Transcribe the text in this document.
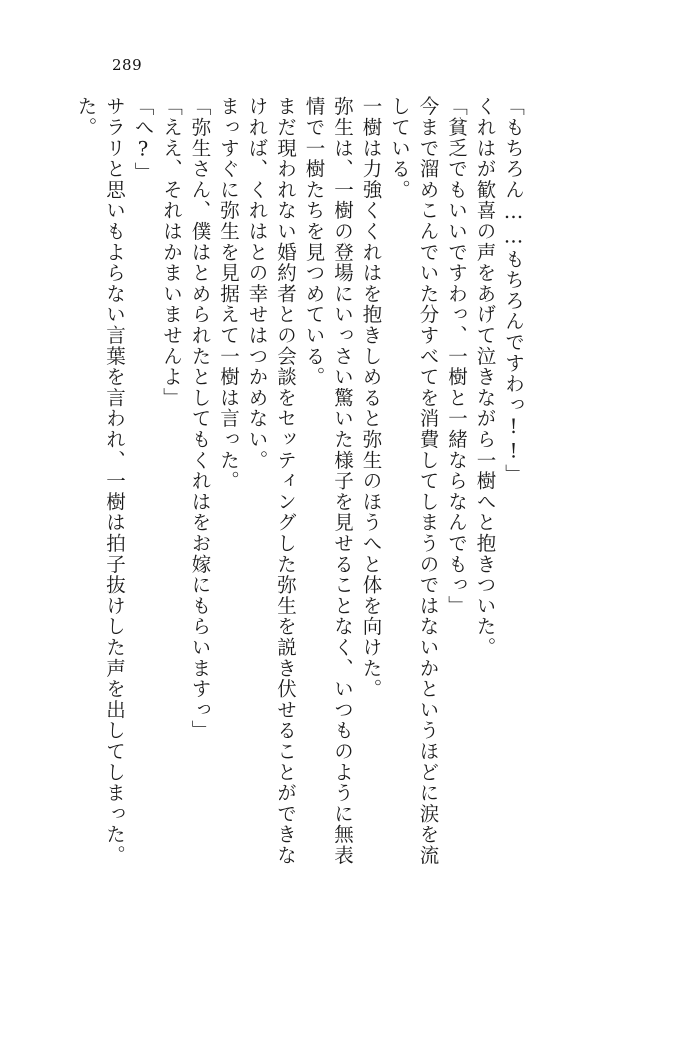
289
た。 サラリと思いもよらない言葉を言われ、一樹は拍子抜けした声を出してしまった。 「へ?」 「ええ、それはかまいませんよ」 「弥生さん、僕はとめられたとしてもくれはをお嫁にもらいますっ」 まっすぐに弥生を見据えて一樹は言った。 ければ、くれはとの幸せはつかめない。 まだ現われない婚約者との会談をセッティングした弥生を説き伏せることができな 情で一樹たちを見つめている。 弥生は、一樹の登場にいっさい驚いた様子を見せることなく、いつものように無表 一樹は力強くくれはを抱きしめると弥生のほうへと体を向けた。 している。 今まで溜めこんでいた分すべてを消費してしまうのではないかというほどに涙を流 「貧乏でもいいですわっ、一樹と一緒ならなんでもっ」 くれはが歓喜の声をあげて泣きながら一樹へと抱きついた。 「もちろん……もちろんですわっ!!」
